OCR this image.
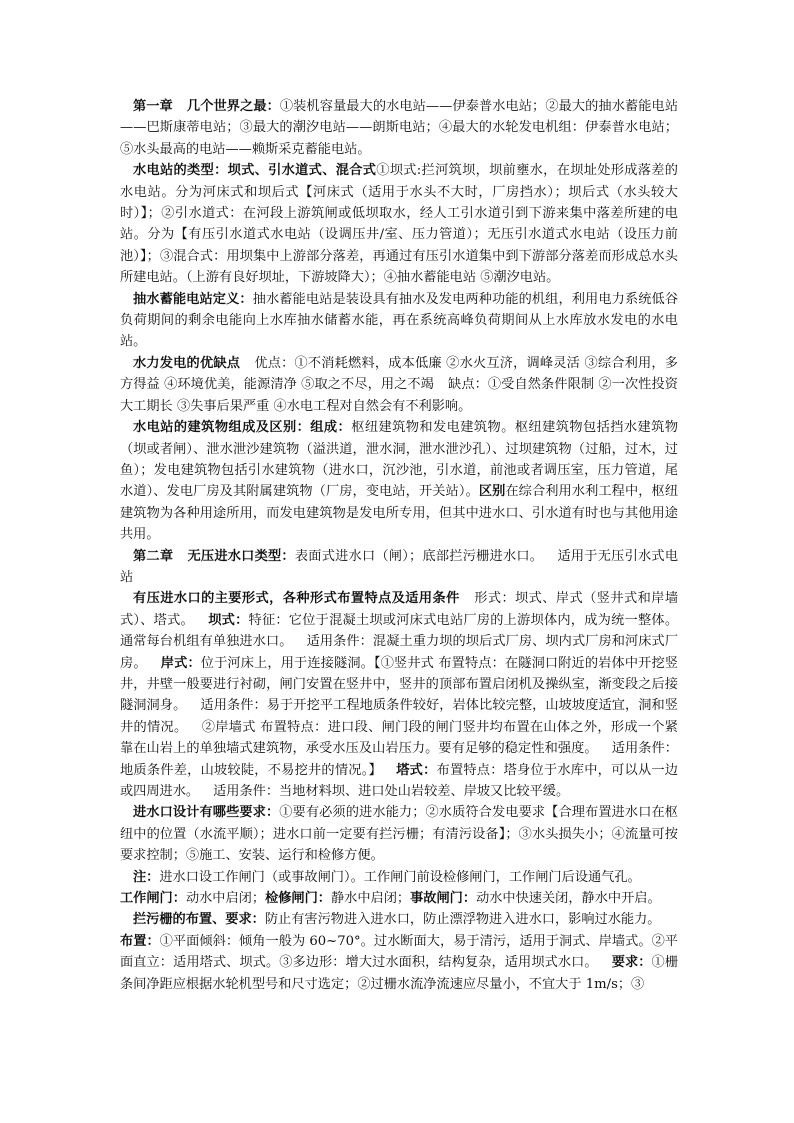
第一章 几个世界之最：①装机容量最大的水电站——伊泰普水电站；②最大的抽水蓄能电站——巴斯康蒂电站；③最大的潮汐电站——朗斯电站；④最大的水轮发电机组：伊泰普水电站；⑤水头最高的电站——赖斯采克蓄能电站。

水电站的类型：坝式、引水道式、混合式①坝式:拦河筑坝，坝前壅水，在坝址处形成落差的水电站。分为河床式和坝后式【河床式（适用于水头不大时，厂房挡水）；坝后式（水头较大时）】；②引水道式：在河段上游筑闸或低坝取水，经人工引水道引到下游来集中落差所建的电站。分为【有压引水道式水电站（设调压井/室、压力管道）；无压引水道式水电站（设压力前池）】；③混合式：用坝集中上游部分落差，再通过有压引水道集中到下游部分落差而形成总水头所建电站。（上游有良好坝址，下游坡降大）；④抽水蓄能电站 ⑤潮汐电站。

抽水蓄能电站定义：抽水蓄能电站是装设具有抽水及发电两种功能的机组，利用电力系统低谷负荷期间的剩余电能向上水库抽水储蓄水能，再在系统高峰负荷期间从上水库放水发电的水电站。

水力发电的优缺点 优点：①不消耗燃料，成本低廉 ②水火互济，调峰灵活 ③综合利用，多方得益 ④环境优美，能源清净 ⑤取之不尽，用之不竭 缺点：①受自然条件限制 ②一次性投资大工期长 ③失事后果严重 ④水电工程对自然会有不利影响。

水电站的建筑物组成及区别：组成：枢纽建筑物和发电建筑物。枢纽建筑物包括挡水建筑物（坝或者闸）、泄水泄沙建筑物（溢洪道，泄水洞，泄水泄沙孔）、过坝建筑物（过船，过木，过鱼）；发电建筑物包括引水建筑物（进水口，沉沙池，引水道，前池或者调压室，压力管道，尾水道）、发电厂房及其附属建筑物（厂房，变电站，开关站）。区别在综合利用水利工程中，枢纽建筑物为各种用途所用，而发电建筑物是发电所专用，但其中进水口、引水道有时也与其他用途共用。

第二章 无压进水口类型：表面式进水口（闸）；底部拦污栅进水口。 适用于无压引水式电站

有压进水口的主要形式，各种形式布置特点及适用条件 形式：坝式、岸式（竖井式和岸墙式）、塔式。 坝式：特征：它位于混凝土坝或河床式电站厂房的上游坝体内，成为统一整体。通常每台机组有单独进水口。 适用条件：混凝土重力坝的坝后式厂房、坝内式厂房和河床式厂房。 岸式：位于河床上，用于连接隧洞。【①竖井式 布置特点：在隧洞口附近的岩体中开挖竖井，井壁一般要进行衬砌，闸门安置在竖井中，竖井的顶部布置启闭机及操纵室，渐变段之后接隧洞洞身。 适用条件：易于开挖平工程地质条件较好，岩体比较完整，山坡坡度适宜，洞和竖井的情况。 ②岸墙式 布置特点：进口段、闸门段的闸门竖井均布置在山体之外，形成一个紧靠在山岩上的单独墙式建筑物，承受水压及山岩压力。要有足够的稳定性和强度。 适用条件：地质条件差，山坡较陡，不易挖井的情况。】 塔式：布置特点：塔身位于水库中，可以从一边或四周进水。 适用条件：当地材料坝、进口处山岩较差、岸坡又比较平缓。

进水口设计有哪些要求：①要有必须的进水能力；②水质符合发电要求【合理布置进水口在枢纽中的位置（水流平顺）；进水口前一定要有拦污栅；有清污设备】；③水头损失小；④流量可按要求控制；⑤施工、安装、运行和检修方便。

注：进水口设工作闸门（或事故闸门）。工作闸门前设检修闸门，工作闸门后设通气孔。
工作闸门：动水中启闭；检修闸门：静水中启闭；事故闸门：动水中快速关闭，静水中开启。

拦污栅的布置、要求：防止有害污物进入进水口，防止漂浮物进入进水口，影响过水能力。
布置：①平面倾斜：倾角一般为 60~70°。过水断面大，易于清污，适用于洞式、岸墙式。②平面直立：适用塔式、坝式。③多边形：增大过水面积，结构复杂，适用坝式水口。 要求：①栅条间净距应根据水轮机型号和尺寸选定；②过栅水流净流速应尽量小，不宜大于 1m/s；③
